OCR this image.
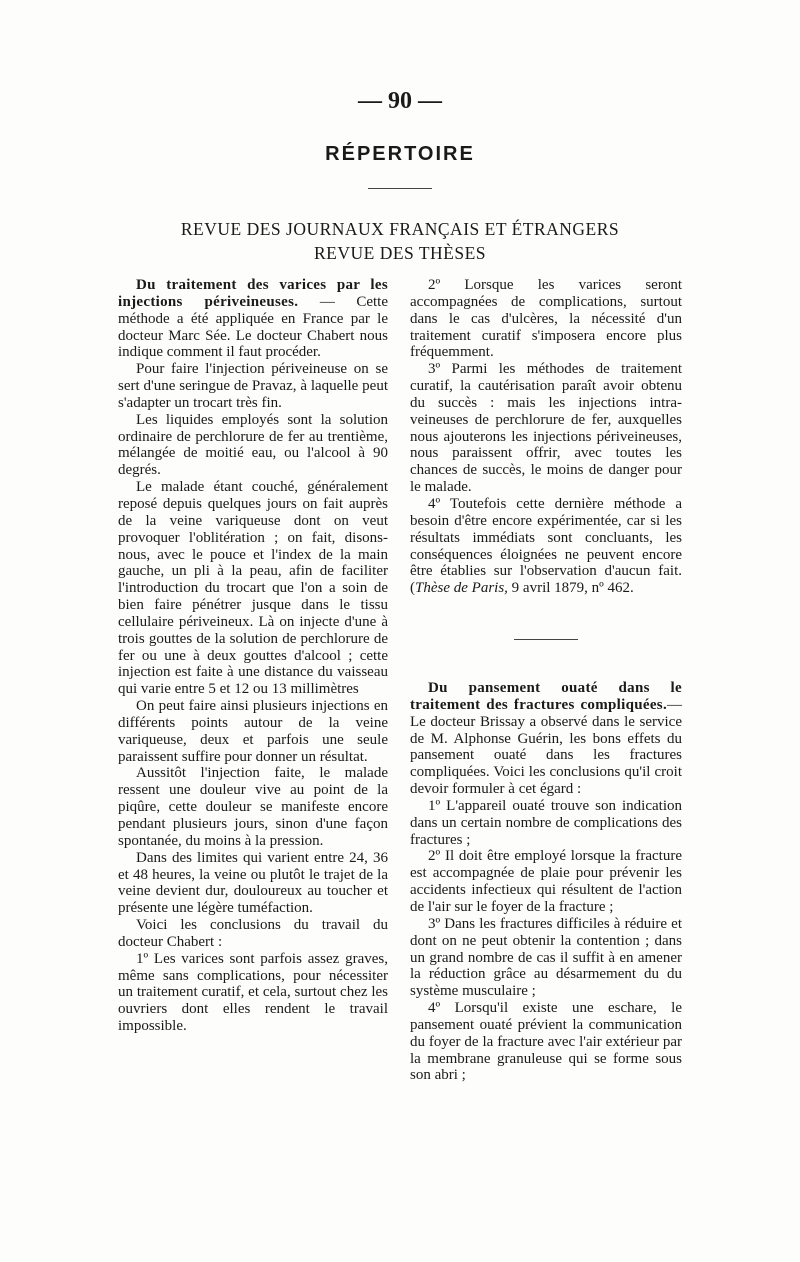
— 90 —
RÉPERTOIRE
REVUE DES JOURNAUX FRANÇAIS ET ÉTRANGERS
REVUE DES THÈSES

Du traitement des varices par les injections périveineuses. — Cette méthode a été appliquée en France par le docteur Marc Sée. Le docteur Chabert nous indique comment il faut procéder.

Pour faire l'injection périveineuse on se sert d'une seringue de Pravaz, à laquelle peut s'adapter un trocart très fin.

Les liquides employés sont la solution ordinaire de perchlorure de fer au trentième, mélangée de moitié eau, ou l'alcool à 90 degrés.

Le malade étant couché, généralement reposé depuis quelques jours on fait auprès de la veine variqueuse dont on veut provoquer l'oblitération ; on fait, disons-nous, avec le pouce et l'index de la main gauche, un pli à la peau, afin de faciliter l'introduction du trocart que l'on a soin de bien faire pénétrer jusque dans le tissu cellulaire périveineux. Là on injecte d'une à trois gouttes de la solution de perchlorure de fer ou une à deux gouttes d'alcool ; cette injection est faite à une distance du vaisseau qui varie entre 5 et 12 ou 13 millimètres

On peut faire ainsi plusieurs injections en différents points autour de la veine variqueuse, deux et parfois une seule paraissent suffire pour donner un résultat.

Aussitôt l'injection faite, le malade ressent une douleur vive au point de la piqûre, cette douleur se manifeste encore pendant plusieurs jours, sinon d'une façon spontanée, du moins à la pression.

Dans des limites qui varient entre 24, 36 et 48 heures, la veine ou plutôt le trajet de la veine devient dur, douloureux au toucher et présente une légère tuméfaction.

Voici les conclusions du travail du docteur Chabert :

1º Les varices sont parfois assez graves, même sans complications, pour nécessiter un traitement curatif, et cela, surtout chez les ouvriers dont elles rendent le travail impossible.

2º Lorsque les varices seront accompagnées de complications, surtout dans le cas d'ulcères, la nécessité d'un traitement curatif s'imposera encore plus fréquemment.

3º Parmi les méthodes de traitement curatif, la cautérisation paraît avoir obtenu du succès : mais les injections intra-veineuses de perchlorure de fer, auxquelles nous ajouterons les injections périveineuses, nous paraissent offrir, avec toutes les chances de succès, le moins de danger pour le malade.

4º Toutefois cette dernière méthode a besoin d'être encore expérimentée, car si les résultats immédiats sont concluants, les conséquences éloignées ne peuvent encore être établies sur l'observation d'aucun fait. (Thèse de Paris, 9 avril 1879, nº 462.

Du pansement ouaté dans le traitement des fractures compliquées.—Le docteur Brissay a observé dans le service de M. Alphonse Guérin, les bons effets du pansement ouaté dans les fractures compliquées. Voici les conclusions qu'il croit devoir formuler à cet égard :

1º L'appareil ouaté trouve son indication dans un certain nombre de complications des fractures ;

2º Il doit être employé lorsque la fracture est accompagnée de plaie pour prévenir les accidents infectieux qui résultent de l'action de l'air sur le foyer de la fracture ;

3º Dans les fractures difficiles à réduire et dont on ne peut obtenir la contention ; dans un grand nombre de cas il suffit à en amener la réduction grâce au désarmement du du système musculaire ;

4º Lorsqu'il existe une eschare, le pansement ouaté prévient la communication du foyer de la fracture avec l'air extérieur par la membrane granuleuse qui se forme sous son abri ;
